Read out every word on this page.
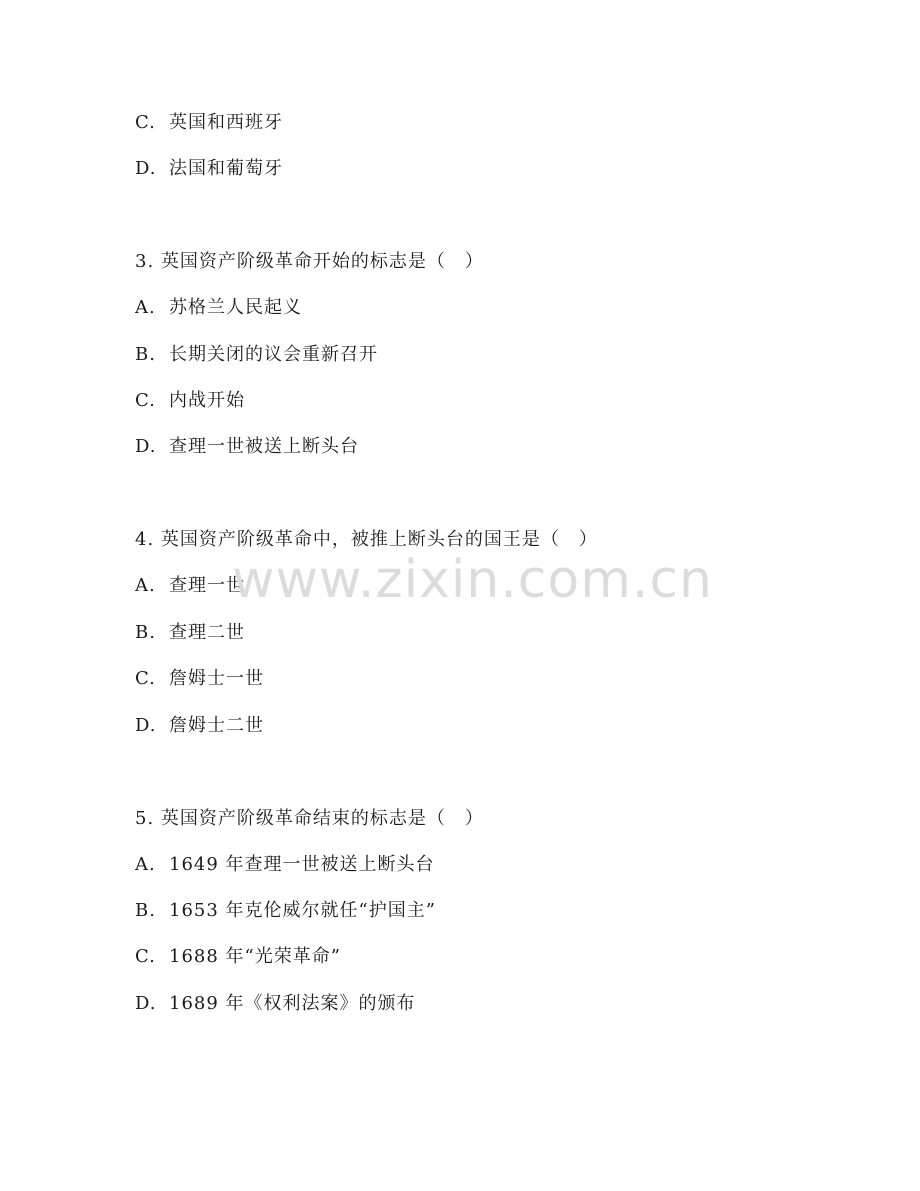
C. 英国和西班牙
D. 法国和葡萄牙
3. 英国资产阶级革命开始的标志是（　）
A. 苏格兰人民起义
B. 长期关闭的议会重新召开
C. 内战开始
D. 查理一世被送上断头台
4. 英国资产阶级革命中，被推上断头台的国王是（　）
A. 查理一世
B. 查理二世
C. 詹姆士一世
D. 詹姆士二世
5. 英国资产阶级革命结束的标志是（　）
A. 1649 年查理一世被送上断头台
B. 1653 年克伦威尔就任“护国主”
C. 1688 年“光荣革命”
D. 1689 年《权利法案》的颁布
www.zixin.com.cn
